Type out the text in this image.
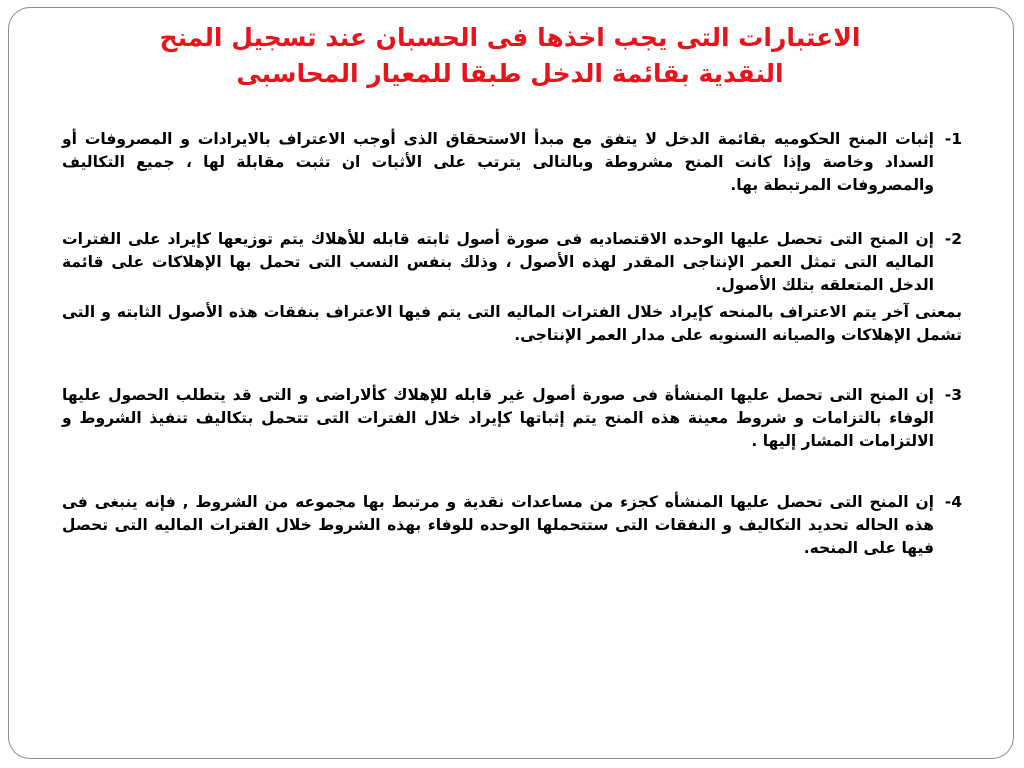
الاعتبارات التى يجب اخذها فى الحسبان عند تسجيل المنح
النقدية بقائمة الدخل طبقا للمعيار المحاسبى
1-
إثبات المنح الحكوميه بقائمة الدخل لا يتفق مع مبدأ الاستحقاق الذى أوجب الاعتراف بالايرادات و المصروفات أو السداد وخاصة وإذا كانت المنح مشروطة وبالتالى يترتب على الأثبات ان تثبت مقابلة لها ، جميع التكاليف والمصروفات المرتبطة بها.
2-
إن المنح التى تحصل عليها الوحده الاقتصاديه فى صورة أصول ثابته قابله للأهلاك يتم توزيعها كإيراد على الفترات الماليه التى تمثل العمر الإنتاجى المقدر لهذه الأصول ، وذلك بنفس النسب التى تحمل بها الإهلاكات على قائمة الدخل المتعلقه بتلك الأصول.

بمعنى آخر يتم الاعتراف بالمنحه كإيراد خلال الفترات الماليه التى يتم فيها الاعتراف بنفقات هذه الأصول الثابته و التى تشمل الإهلاكات والصيانه السنويه على مدار العمر الإنتاجى.

3-
إن المنح التى تحصل عليها المنشأة فى صورة أصول غير قابله للإهلاك كألاراضى و التى قد يتطلب الحصول عليها الوفاء بالتزامات و شروط معينة هذه المنح يتم إثباتها كإيراد خلال الفترات التى تتحمل بتكاليف تنفيذ الشروط و الالتزامات المشار إليها .
4-
إن المنح التى تحصل عليها المنشأه كجزء من مساعدات نقدية و مرتبط بها مجموعه من الشروط , فإنه ينبغى فى هذه الحاله تحديد التكاليف و النفقات التى ستتحملها الوحده للوفاء بهذه الشروط خلال الفترات الماليه التى تحصل فيها على المنحه.
